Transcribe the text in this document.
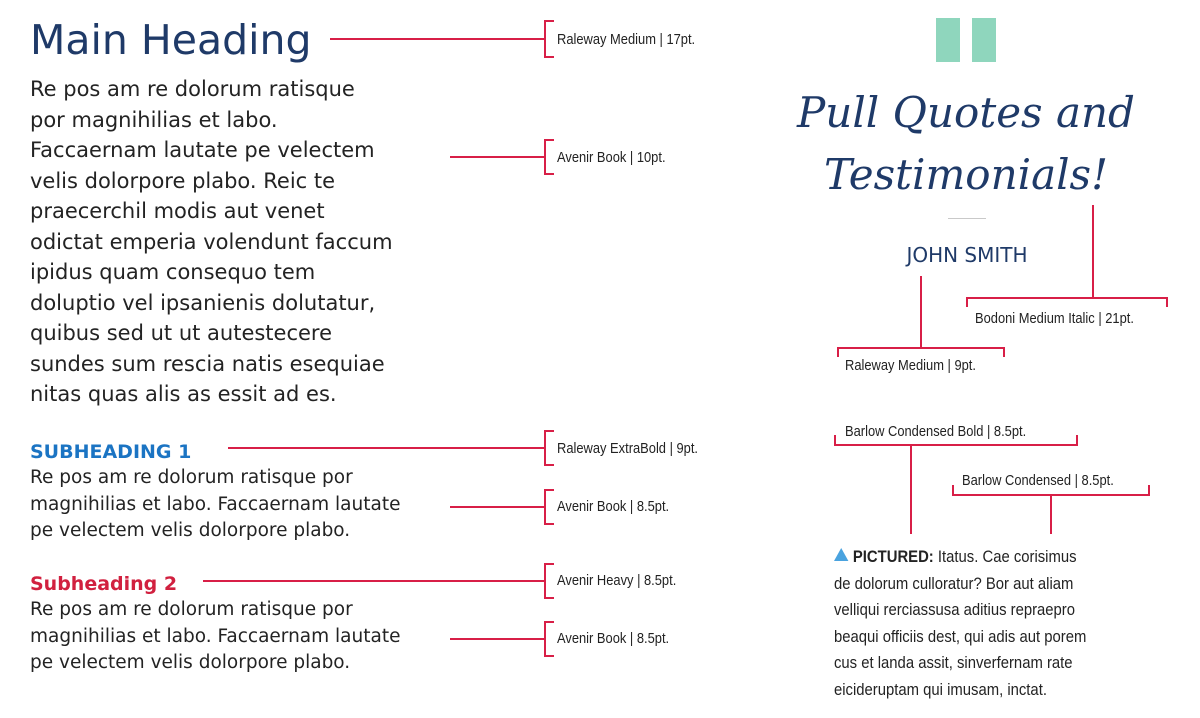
Main Heading

Re pos am re dolorum ratisque
por magnihilias et labo.
Faccaernam lautate pe velectem
velis dolorpore plabo. Reic te
praecerchil modis aut venet
odictat emperia volendunt faccum
ipidus quam consequo tem
doluptio vel ipsanienis dolutatur,
quibus sed ut ut autestecere
sundes sum rescia natis esequiae
nitas quas alis as essit ad es.

SUBHEADING 1

Re pos am re dolorum ratisque por
magnihilias et labo. Faccaernam lautate
pe velectem velis dolorpore plabo.

Subheading 2

Re pos am re dolorum ratisque por
magnihilias et labo. Faccaernam lautate
pe velectem velis dolorpore plabo.

Raleway Medium | 17pt.
Avenir Book | 10pt.
Raleway ExtraBold | 9pt.
Avenir Book | 8.5pt.
Avenir Heavy | 8.5pt.
Avenir Book | 8.5pt.

Pull Quotes and
Testimonials!

JOHN SMITH

Bodoni Medium Italic | 21pt.
Raleway Medium | 9pt.
Barlow Condensed Bold | 8.5pt.
Barlow Condensed | 8.5pt.
PICTURED: Itatus. Cae corisimus
de dolorum culloratur? Bor aut aliam
velliqui rerciassusa aditius repraepro
beaqui officiis dest, qui adis aut porem
cus et landa assit, sinverfernam rate
eicideruptam qui imusam, inctat.
